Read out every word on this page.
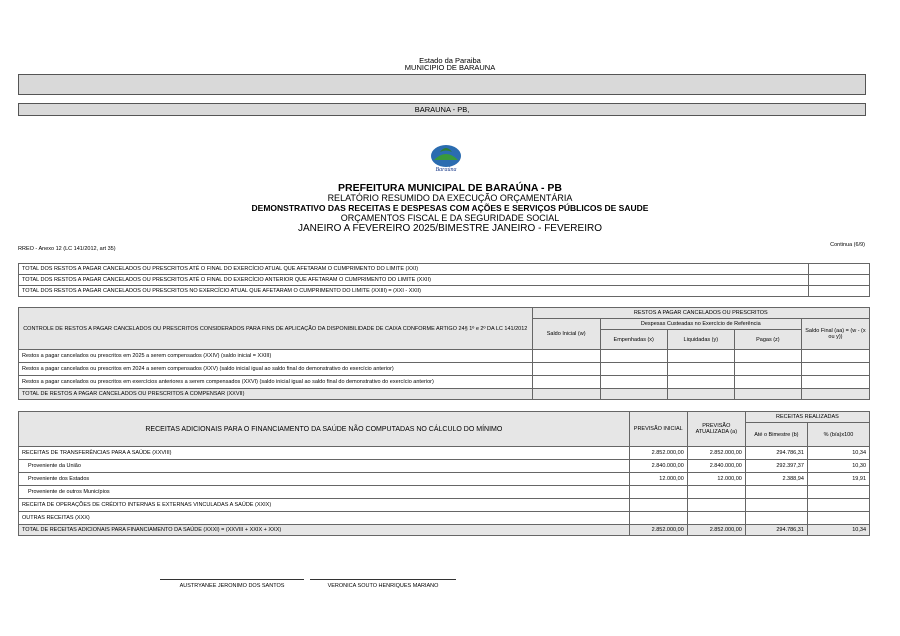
Estado da Paraiba
MUNICIPIO DE BARAUNA
BARAUNA - PB,
Baraúna
PREFEITURA MUNICIPAL DE BARAÚNA - PB
RELATÓRIO RESUMIDO DA EXECUÇÃO ORÇAMENTÁRIA
DEMONSTRATIVO DAS RECEITAS E DESPESAS COM AÇÕES E SERVIÇOS PÚBLICOS DE SAUDE
ORÇAMENTOS FISCAL E DA SEGURIDADE SOCIAL
JANEIRO A FEVEREIRO 2025/BIMESTRE JANEIRO - FEVEREIRO
RREO - Anexo 12 (LC 141/2012, art 35)
Continua (6/9)
TOTAL DOS RESTOS A PAGAR CANCELADOS OU PRESCRITOS ATÉ O FINAL DO EXERCÍCIO ATUAL QUE AFETARAM O CUMPRIMENTO DO LIMITE (XXI)	
TOTAL DOS RESTOS A PAGAR CANCELADOS OU PRESCRITOS ATÉ O FINAL DO EXERCÍCIO ANTERIOR QUE AFETARAM O CUMPRIMENTO DO LIMITE (XXII)	
TOTAL DOS RESTOS A PAGAR CANCELADOS OU PRESCRITOS NO EXERCÍCIO ATUAL QUE AFETARAM O CUMPRIMENTO DO LIMITE (XXIII) = (XXI - XXII)	
CONTROLE DE RESTOS A PAGAR CANCELADOS OU PRESCRITOS CONSIDERADOS PARA FINS DE APLICAÇÃO DA DISPONIBILIDADE DE CAIXA CONFORME ARTIGO 24§ 1º e 2º DA LC 141/2012	RESTOS A PAGAR CANCELADOS OU PRESCRITOS				
	Saldo Inicial (w)	Despesas Custeadas no Exercício de Referência			Saldo Final (aa) = (w - (x ou y))
		Empenhadas (x)	Liquidadas (y)	Pagas (z)	
Restos a pagar cancelados ou prescritos em 2025 a serem compensados (XXIV) (saldo inicial = XXIII)					
Restos a pagar cancelados ou prescritos em 2024 a serem compensados (XXV) (saldo inicial igual ao saldo final do demonstrativo do exercício anterior)					
Restos a pagar cancelados ou prescritos em exercícios anteriores a serem compensados (XXVI) (saldo inicial igual ao saldo final do demonstrativo do exercício anterior)					
TOTAL DE RESTOS A PAGAR CANCELADOS OU PRESCRITOS A COMPENSAR (XXVII)					
RECEITAS ADICIONAIS PARA O FINANCIAMENTO DA SAÚDE NÃO COMPUTADAS NO CÁLCULO DO MÍNIMO	PREVISÃO INICIAL	PREVISÃO ATUALIZADA (a)	RECEITAS REALIZADAS	
			Até o Bimestre (b)	% (b/a)x100
RECEITAS DE TRANSFERÊNCIAS PARA A SAÚDE (XXVIII)	2.852.000,00	2.852.000,00	294.786,31	10,34
Proveniente da União	2.840.000,00	2.840.000,00	292.397,37	10,30
Proveniente dos Estados	12.000,00	12.000,00	2.388,94	19,91
Proveniente de outros Municípios				
RECEITA DE OPERAÇÕES DE CRÉDITO INTERNAS E EXTERNAS VINCULADAS A SAÚDE (XXIX)				
OUTRAS RECEITAS (XXX)				
TOTAL DE RECEITAS ADICIONAIS PARA FINANCIAMENTO DA SAÚDE (XXXI) = (XXVIII + XXIX + XXX)	2.852.000,00	2.852.000,00	294.786,31	10,34
AUSTRYANEE JERONIMO DOS SANTOS	VERONICA SOUTO HENRIQUES MARIANO
